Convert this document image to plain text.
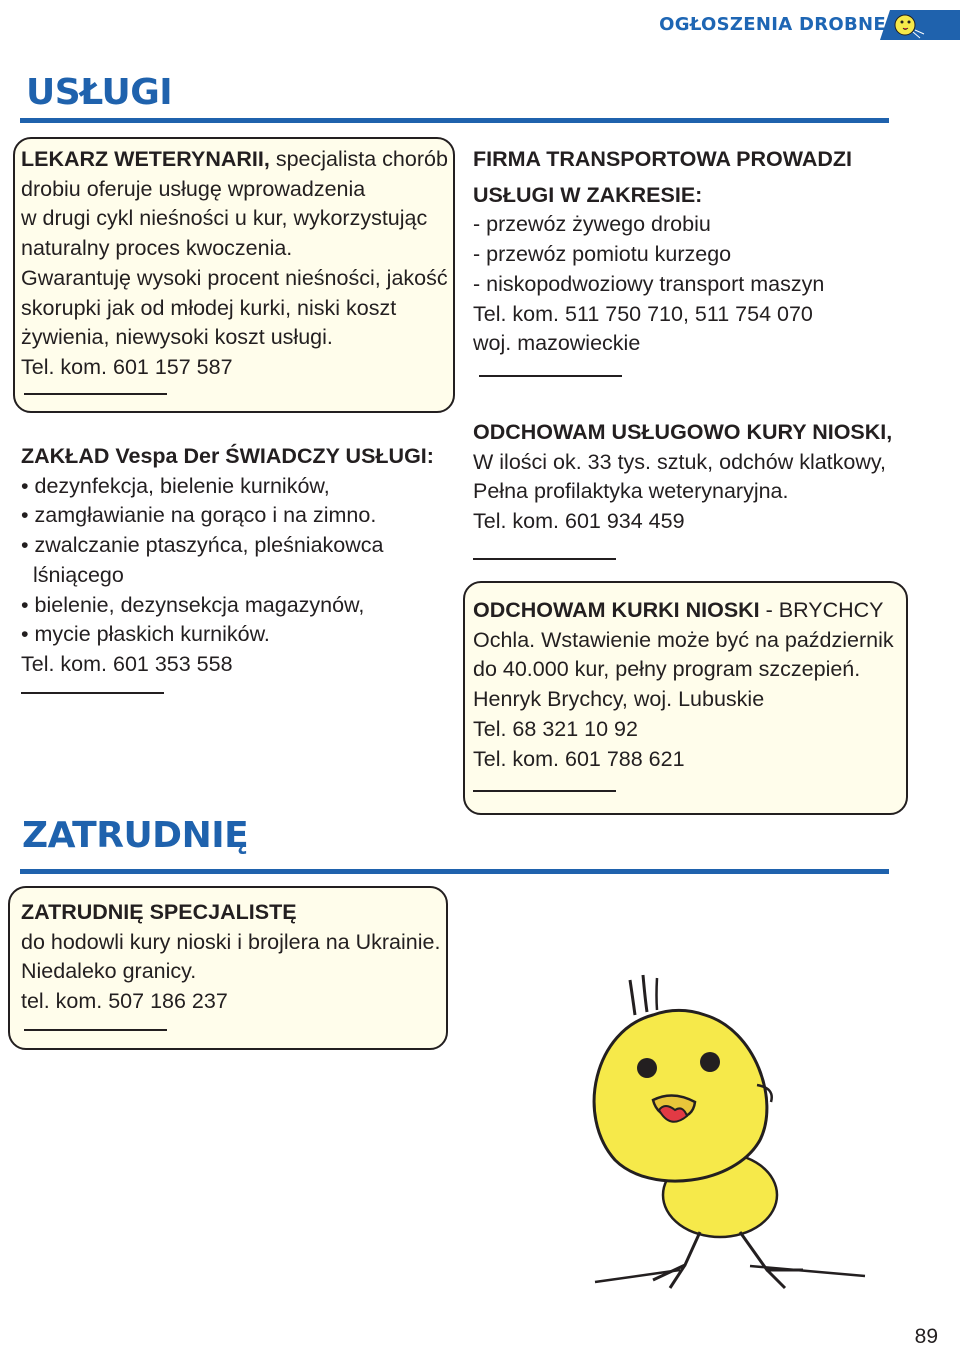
OGŁOSZENIA DROBNE
USŁUGI
LEKARZ WETERYNARII, specjalista chorób
drobiu oferuje usługę wprowadzenia
w drugi cykl nieśności u kur, wykorzystując
naturalny proces kwoczenia.
Gwarantuję wysoki procent nieśności, jakość
skorupki jak od młodej kurki, niski koszt
żywienia, niewysoki koszt usługi.
Tel. kom. 601 157 587
ZAKŁAD Vespa Der ŚWIADCZY USŁUGI:
• dezynfekcja, bielenie kurników,
• zamgławianie na gorąco i na zimno.
• zwalczanie ptaszyńca, pleśniakowca
lśniącego
• bielenie, dezynsekcja magazynów,
• mycie płaskich kurników.
Tel. kom. 601 353 558
FIRMA TRANSPORTOWA PROWADZI
USŁUGI W ZAKRESIE:
- przewóz żywego drobiu
- przewóz pomiotu kurzego
- niskopodwoziowy transport maszyn
Tel. kom. 511 750 710, 511 754 070
woj. mazowieckie
ODCHOWAM USŁUGOWO KURY NIOSKI,
W ilości ok. 33 tys. sztuk, odchów klatkowy,
Pełna profilaktyka weterynaryjna.
Tel. kom. 601 934 459
ODCHOWAM KURKI NIOSKI - BRYCHCY
Ochla. Wstawienie może być na październik
do 40.000 kur, pełny program szczepień.
Henryk Brychcy, woj. Lubuskie
Tel. 68 321 10 92
Tel. kom. 601 788 621
ZATRUDNIĘ
ZATRUDNIĘ SPECJALISTĘ
do hodowli kury nioski i brojlera na Ukrainie.
Niedaleko granicy.
tel. kom. 507 186 237
89
